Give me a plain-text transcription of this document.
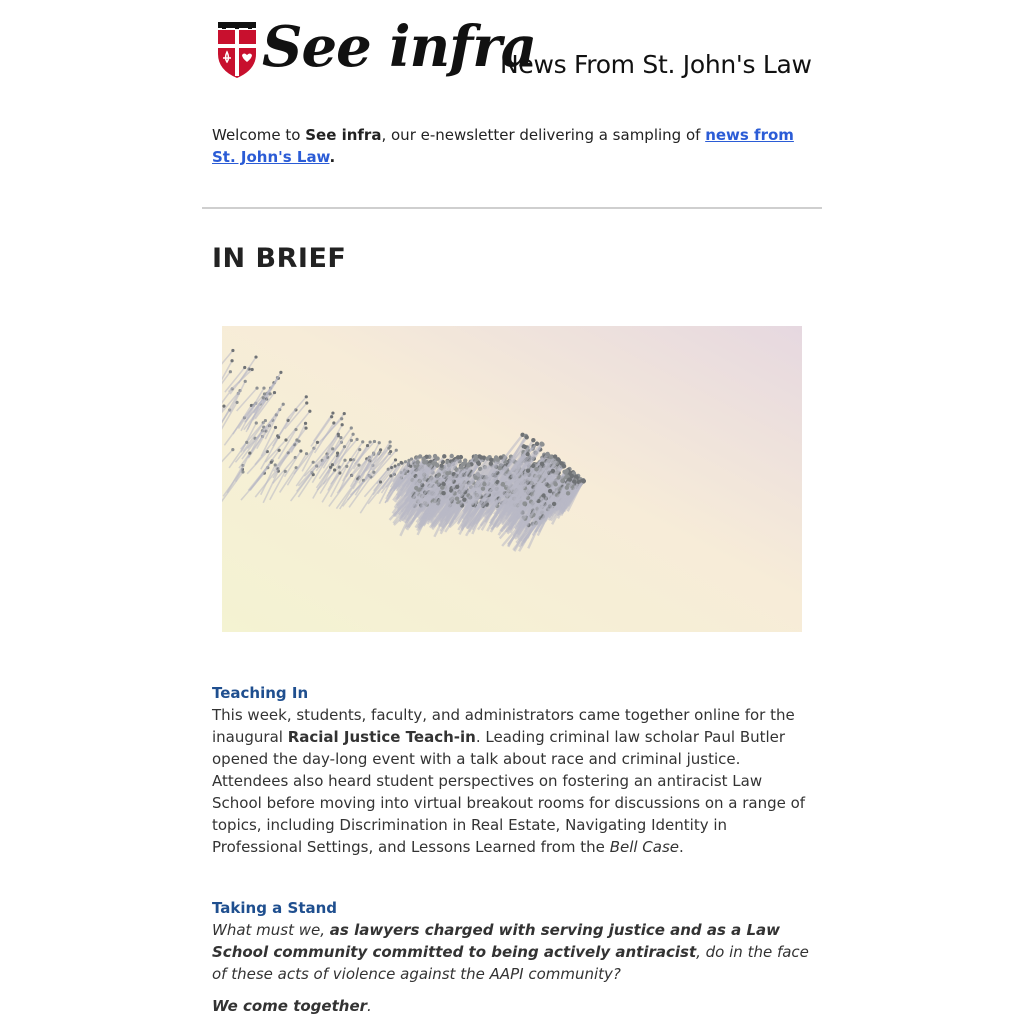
See infra
News From St. John's Law
Welcome to See infra, our e-newsletter delivering a sampling of news from St. John's Law.
IN BRIEF
Teaching In

This week, students, faculty, and administrators came together online for the inaugural Racial Justice Teach-in. Leading criminal law scholar Paul Butler opened the day-long event with a talk about race and criminal justice. Attendees also heard student perspectives on fostering an antiracist Law School before moving into virtual breakout rooms for discussions on a range of topics, including Discrimination in Real Estate, Navigating Identity in Professional Settings, and Lessons Learned from the Bell Case.

Taking a Stand

What must we, as lawyers charged with serving justice and as a Law School community committed to being actively antiracist, do in the face of these acts of violence against the AAPI community?

We come together.
